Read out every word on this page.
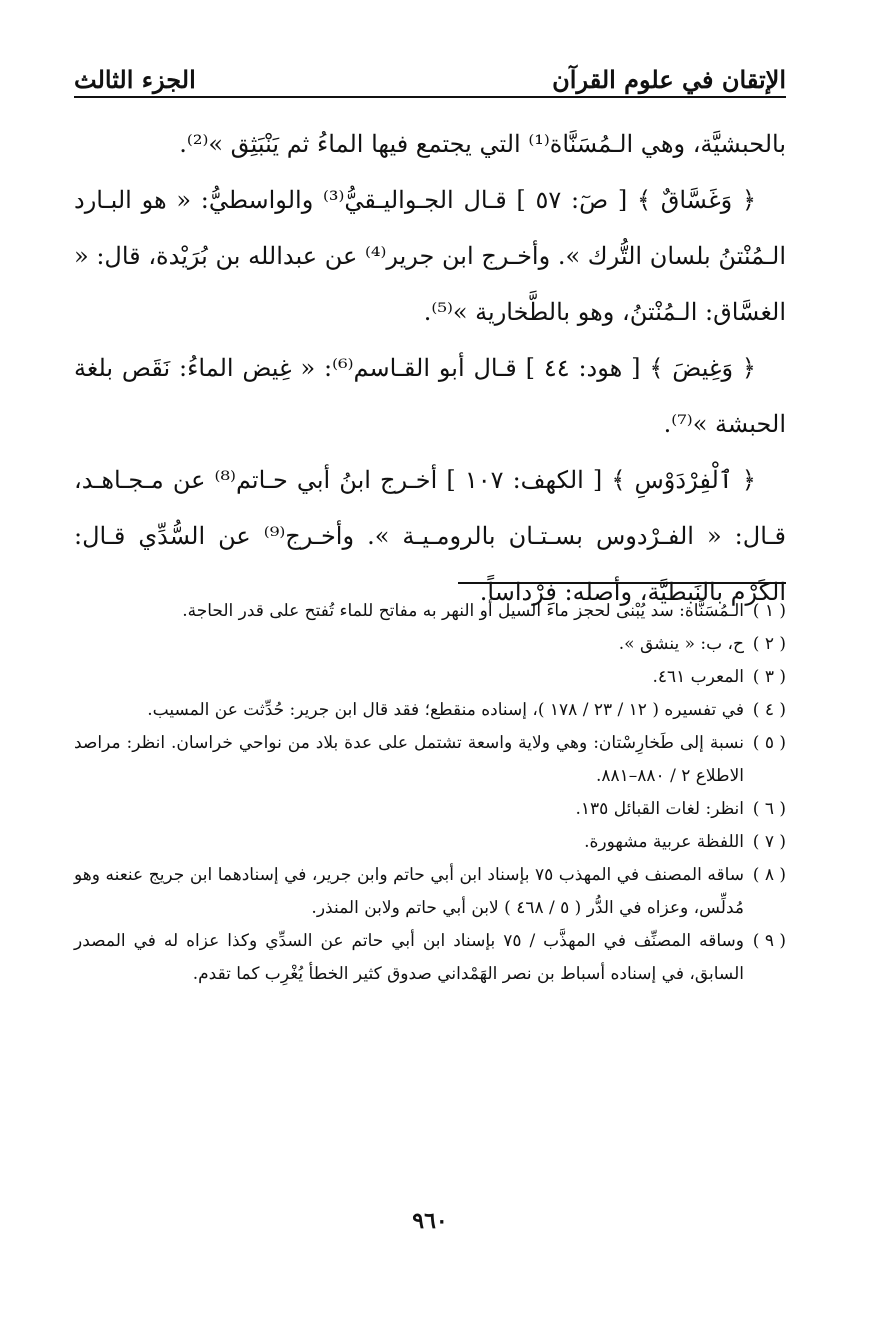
الإتقان في علوم القرآن
الجزء الثالث

بالحبشيَّة، وهي الـمُسَنَّاة⁽¹⁾ التي يجتمع فيها الماءُ ثم يَنْبَثِق »⁽²⁾.

﴿ وَغَسَّاقٌ ﴾ [ صٓ: ٥٧ ] قـال الجـواليـقيُّ⁽³⁾ والواسطيُّ: « هو البـارد الـمُنْتنُ بلسان التُّرك ». وأخـرج ابن جرير⁽⁴⁾ عن عبدالله بن بُرَيْدة، قال: « الغسَّاق: الـمُنْتنُ، وهو بالطَّخارية »⁽⁵⁾.

﴿ وَغِيضَ ﴾ [ هود: ٤٤ ] قـال أبو القـاسم⁽⁶⁾: « غِيض الماءُ: نَقَص بلغة الحبشة »⁽⁷⁾.

﴿ ٱلْفِرْدَوْسِ ﴾ [ الكهف: ١٠٧ ] أخـرج ابنُ أبي حـاتم⁽⁸⁾ عن مـجـاهـد، قـال: « الفـرْدوس بسـتـان بالرومـيـة ». وأخـرج⁽⁹⁾ عن السُّدِّي قـال: الكَرْم بالنَبطيَّة، وأصله: فِرْداساً.

( ١ )
الـمُسَنَّاة: سد يُبْنى لحجز ماء السيل أو النهر به مفاتح للماء تُفتح على قدر الحاجة.
( ٢ )
ح، ب: « ينشق ».
( ٣ )
المعرب ٤٦١.
( ٤ )
في تفسيره ( ١٢ / ٢٣ / ١٧٨ )، إسناده منقطع؛ فقد قال ابن جرير: حُدِّثت عن المسيب.
( ٥ )
نسبة إلى طَخارِسْتان: وهي ولاية واسعة تشتمل على عدة بلاد من نواحي خراسان. انظر: مراصد الاطلاع ٢ / ٨٨٠–٨٨١.
( ٦ )
انظر: لغات القبائل ١٣٥.
( ٧ )
اللفظة عربية مشهورة.
( ٨ )
ساقه المصنف في المهذب ٧٥ بإسناد ابن أبي حاتم وابن جرير، في إسنادهما ابن جريج عنعنه وهو مُدلِّس، وعزاه في الدُّر ( ٥ / ٤٦٨ ) لابن أبي حاتم ولابن المنذر.
( ٩ )
وساقه المصنِّف في المهذَّب / ٧٥ بإسناد ابن أبي حاتم عن السدِّي وكذا عزاه له في المصدر السابق، في إسناده أسباط بن نصر الهَمْداني صدوق كثير الخطأ يُغْرِب كما تقدم.
٩٦٠
